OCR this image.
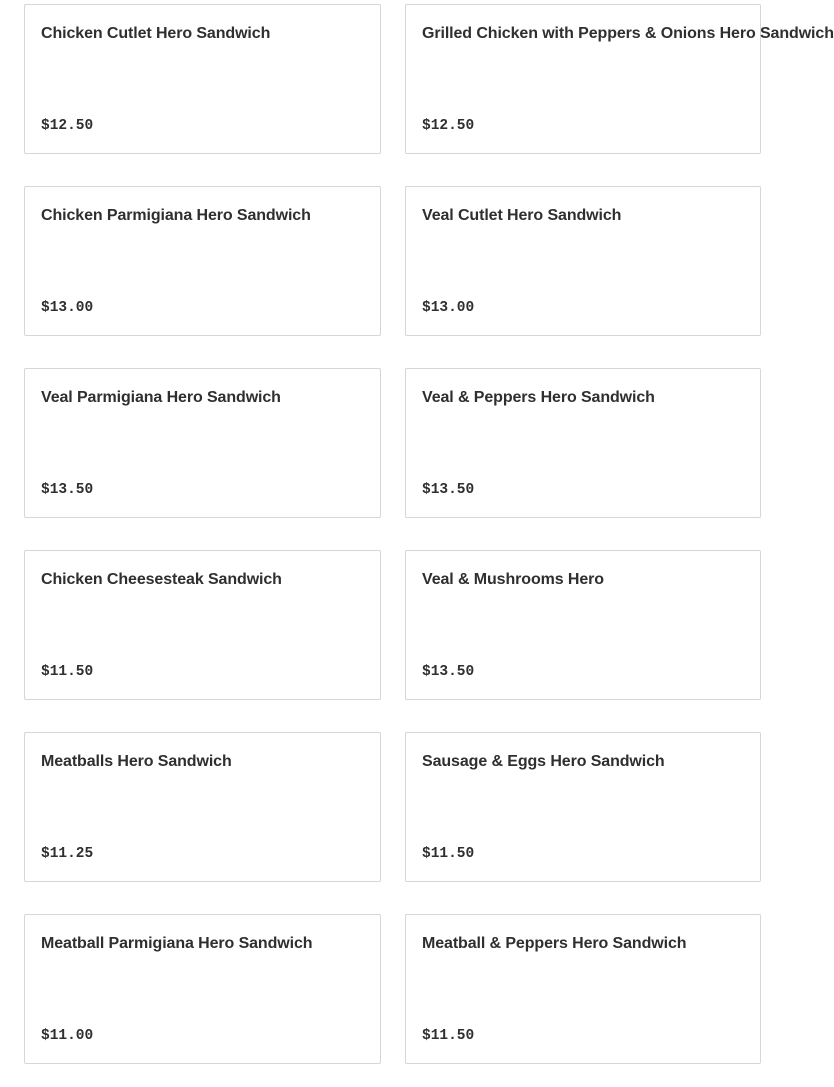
Chicken Cutlet Hero Sandwich
$12.50
Grilled Chicken with Peppers & Onions Hero Sandwich
$12.50
Chicken Parmigiana Hero Sandwich
$13.00
Veal Cutlet Hero Sandwich
$13.00
Veal Parmigiana Hero Sandwich
$13.50
Veal & Peppers Hero Sandwich
$13.50
Chicken Cheesesteak Sandwich
$11.50
Veal & Mushrooms Hero
$13.50
Meatballs Hero Sandwich
$11.25
Sausage & Eggs Hero Sandwich
$11.50
Meatball Parmigiana Hero Sandwich
$11.00
Meatball & Peppers Hero Sandwich
$11.50
